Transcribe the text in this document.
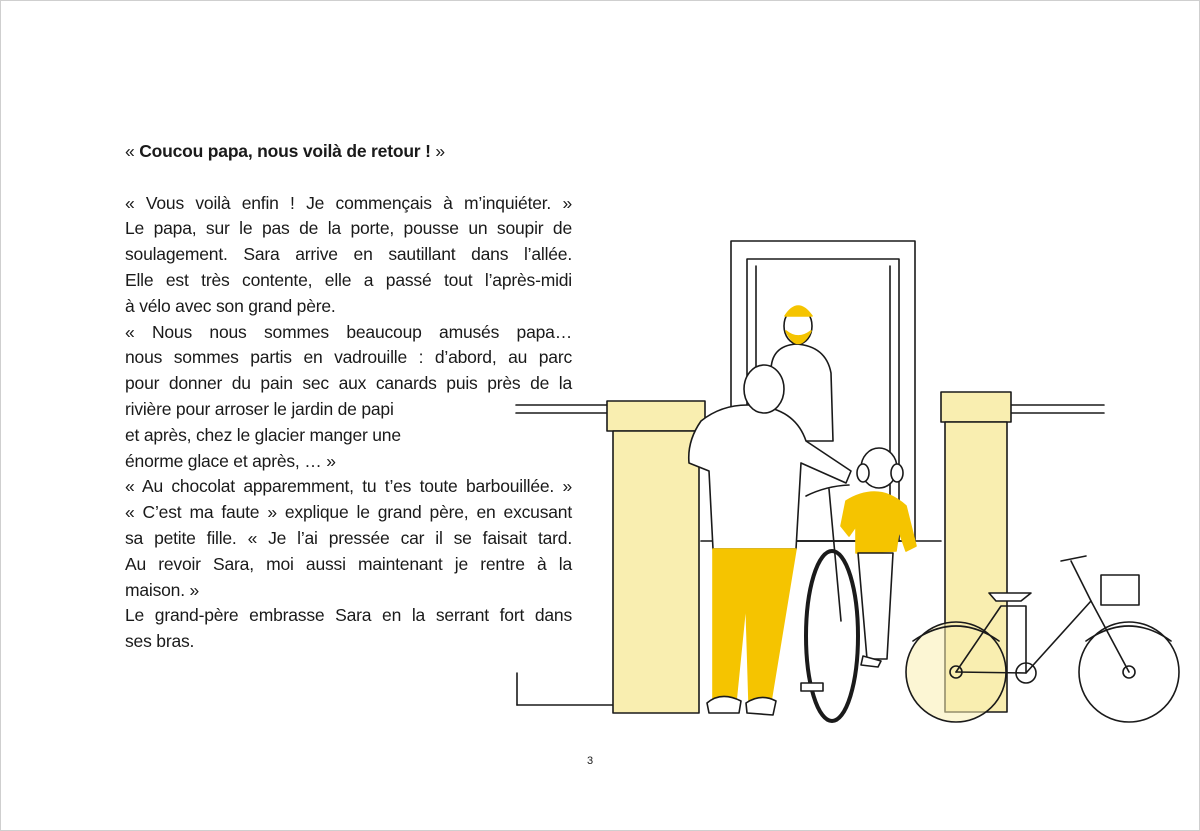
« Coucou papa, nous voilà de retour ! »

« Vous voilà enfin ! Je commençais à m’inquiéter. »
Le papa, sur le pas de la porte, pousse un soupir de
soulagement. Sara arrive en sautillant dans l’allée.
Elle est très contente, elle a passé tout l’après-midi
à vélo avec son grand père.
« Nous nous sommes beaucoup amusés papa…
nous sommes partis en vadrouille : d’abord, au parc
pour donner du pain sec aux canards puis près de la
rivière pour arroser le jardin de papi
et après, chez le glacier manger une
énorme glace et après, … »
« Au chocolat apparemment, tu t’es toute barbouillée. »
« C’est ma faute » explique le grand père, en excusant
sa petite fille. « Je l’ai pressée car il se faisait tard.
Au revoir Sara, moi aussi maintenant je rentre à la
maison. »
Le grand-père embrasse Sara en la serrant fort dans
ses bras.
3
